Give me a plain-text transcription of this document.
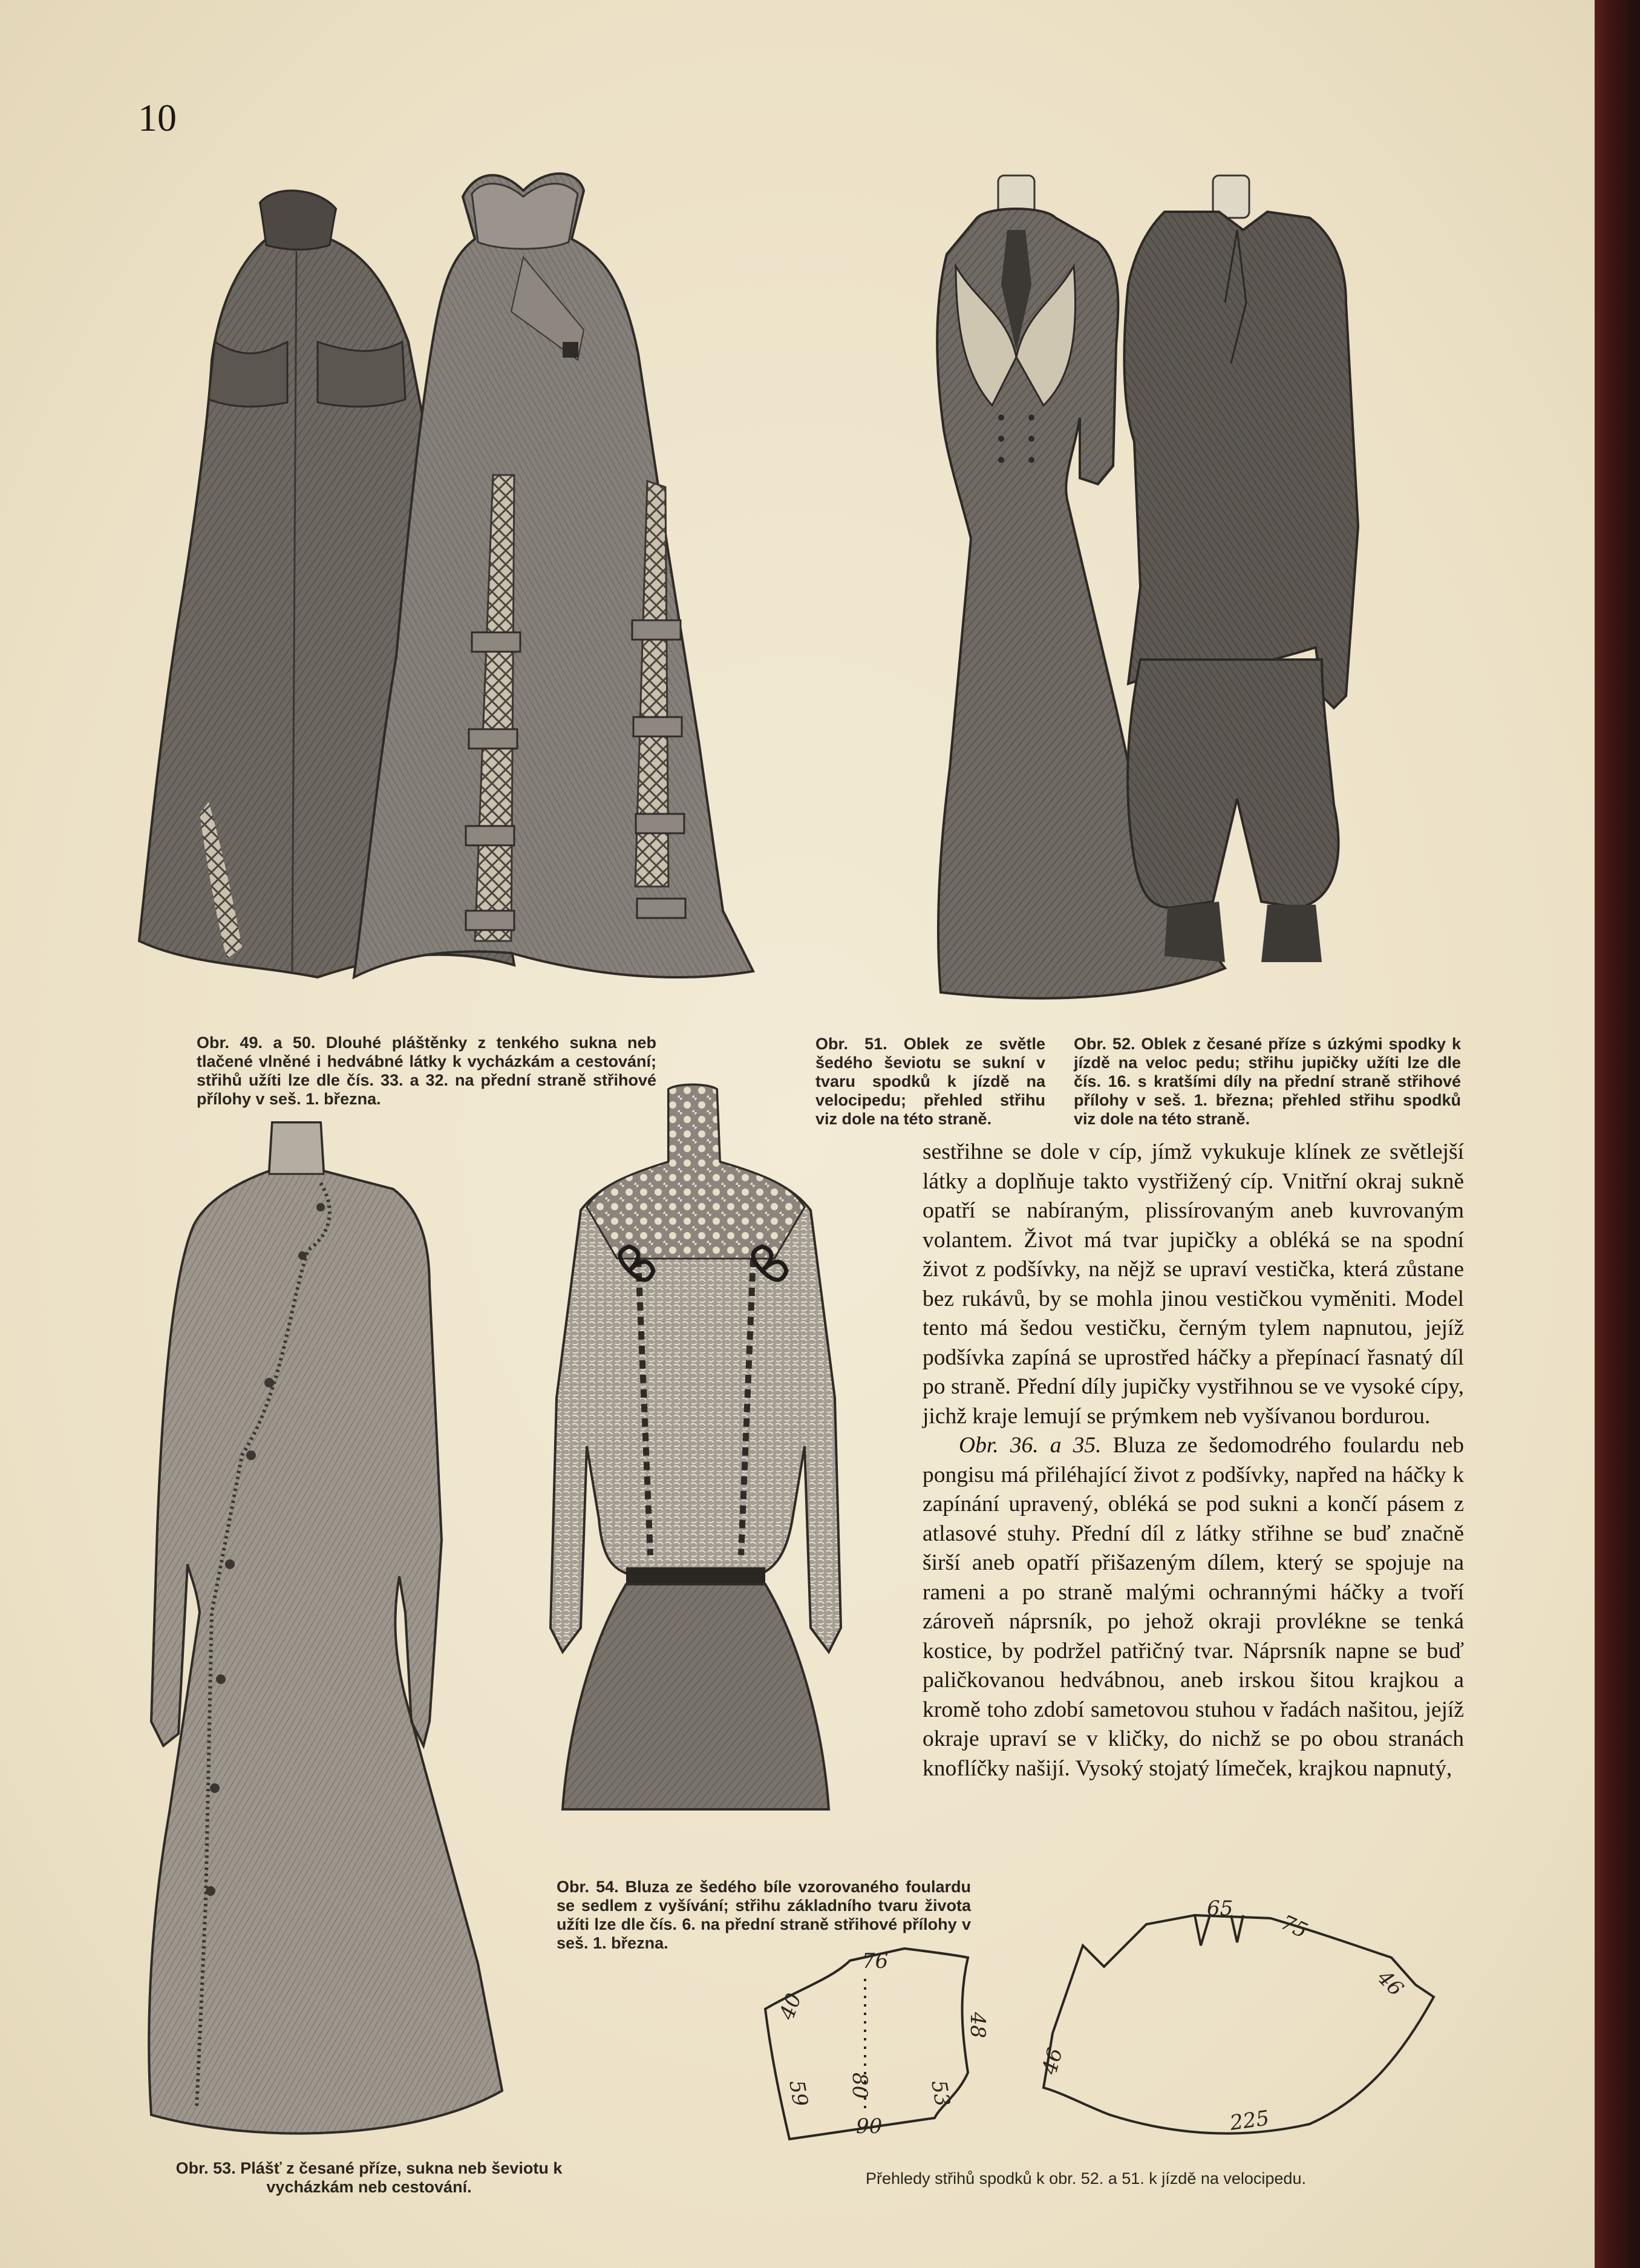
10
Obr. 49. a 50. Dlouhé pláštěnky z tenkého sukna neb tlačené vlněné i hedvábné látky k vycházkám a cestování; střihů užíti lze dle čís. 33. a 32. na přední straně střihové přílohy v seš. 1. března.
Obr. 51. Oblek ze světle šedého ševiotu se sukní v tvaru spodků k jízdě na velocipedu; přehled střihu viz dole na této straně.
Obr. 52. Oblek z česané příze s úzkými spodky k jízdě na veloc pedu; střihu jupičky užíti lze dle čís. 16. s kratšími díly na přední straně střihové přílohy v seš. 1. března; přehled střihu spodků viz dole na této straně.
Obr. 53. Plášť z česané příze, sukna neb ševiotu k vycházkám neb cestování.
Obr. 54. Bluza ze šedého bíle vzorovaného foulardu se sedlem z vyšívání; střihu základního tvaru života užíti lze dle čís. 6. na přední straně střihové přílohy v seš. 1. března.
76
48
40
59 80	53
90
65
75
46
46
225
Přehledy střihů spodků k obr. 52. a 51. k jízdě na velocipedu.

sestřihne se dole v cíp, jímž vykukuje klínek ze světlejší látky a doplňuje takto vystřižený cíp. Vnitřní okraj sukně opatří se nabíraným, plissírovaným aneb kuvrovaným volantem. Život má tvar jupičky a obléká se na spodní život z podšívky, na nějž se upraví vestička, která zůstane bez rukávů, by se mohla jinou vestičkou vyměniti. Model tento má šedou vestičku, černým tylem napnutou, jejíž podšívka zapíná se uprostřed háčky a přepínací řasnatý díl po straně. Přední díly jupičky vystřihnou se ve vysoké cípy, jichž kraje lemují se prýmkem neb vyšívanou bordurou.

Obr. 36. a 35. Bluza ze šedomodrého foulardu neb pongisu má přiléhající život z podšívky, napřed na háčky k zapínání upravený, obléká se pod sukni a končí pásem z atlasové stuhy. Přední díl z látky střihne se buď značně širší aneb opatří přišazeným dílem, který se spojuje na rameni a po straně malými ochrannými háčky a tvoří zároveň náprsník, po jehož okraji provlékne se tenká kostice, by podržel patřičný tvar. Náprsník napne se buď paličkovanou hedvábnou, aneb irskou šitou krajkou a kromě toho zdobí sametovou stuhou v řadách našitou, jejíž okraje upraví se v kličky, do nichž se po obou stranách knoflíčky našijí. Vysoký stojatý límeček, krajkou napnutý,
